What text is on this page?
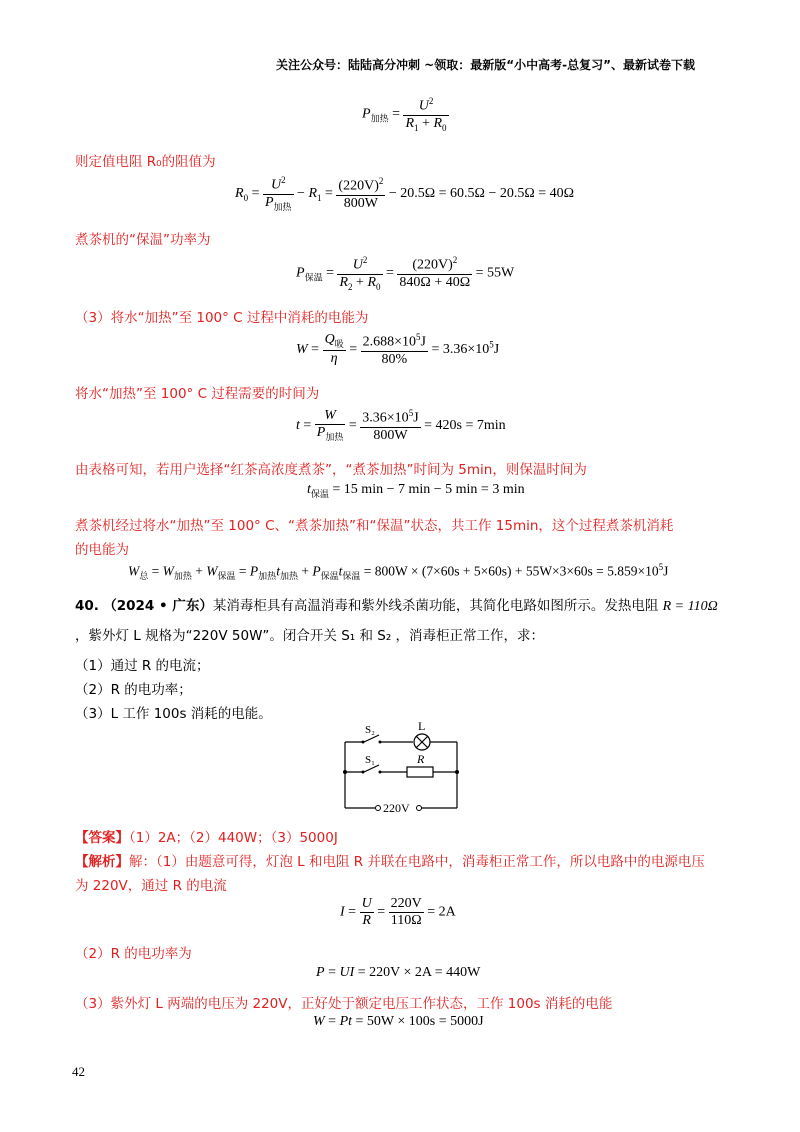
关注公众号：陆陆高分冲刺 ~领取：最新版“小中高考-总复习”、最新试卷下载
$P_{加热} = \frac{U^2}{R_1 + R_0}$
则定值电阻 R₀的阻值为
$R_0 = \frac{U^2}{P_{加热}} - R_1 = \frac{(220V)^2}{800W} - 20.5\Omega = 60.5\Omega - 20.5\Omega = 40\Omega$
煮茶机的“保温”功率为
$P_{保温} = \frac{U^2}{R_2 + R_0} = \frac{(220V)^2}{840\Omega + 40\Omega} = 55W$
（3）将水“加热”至 100° C 过程中消耗的电能为
$W = \frac{Q_吸}{\eta} = \frac{2.688\times 10^5J}{80\%} = 3.36\times 10^5J$
将水“加热”至 100° C 过程需要的时间为
$t = \frac{W}{P_{加热}} = \frac{3.36\times 10^5J}{800W} = 420s = 7\min$
由表格可知，若用户选择“红茶高浓度煮茶”，“煮茶加热”时间为 5min，则保温时间为
$t_{保温} = 15$ min − 7 min − 5 min = 3 min
煮茶机经过将水“加热”至 100° C、“煮茶加热”和“保温”状态，共工作 15min，这个过程煮茶机消耗
的电能为
$W_总 = W_{加热} + W_{保温} = P_{加热}t_{加热} + P_{保温}t_{保温} = 800W \times (7\times 60s + 5\times 60s) + 55W\times 3\times 60s = 5.859\times 10^5J$
40. （2024 • 广东）某消毒柜具有高温消毒和紫外线杀菌功能，其简化电路如图所示。发热电阻 R = 110Ω
，紫外灯 L 规格为“220V 50W”。闭合开关 S₁ 和 S₂ ，消毒柜正常工作，求：
（1）通过 R 的电流；
（2）R 的电功率；
（3）L 工作 100s 消耗的电能。
S₂
S₁
L
R
220V
【答案】（1）2A；（2）440W；（3）5000J
【解析】解：（1）由题意可得，灯泡 L 和电阻 R 并联在电路中，消毒柜正常工作，所以电路中的电源电压
为 220V，通过 R 的电流
$I = \frac{U}{R} = \frac{220V}{110\Omega} = 2A$
（2）R 的电功率为
P = UI = 220V × 2A = 440W
（3）紫外灯 L 两端的电压为 220V，正好处于额定电压工作状态，工作 100s 消耗的电能
W = Pt = 50W × 100s = 5000J
42
